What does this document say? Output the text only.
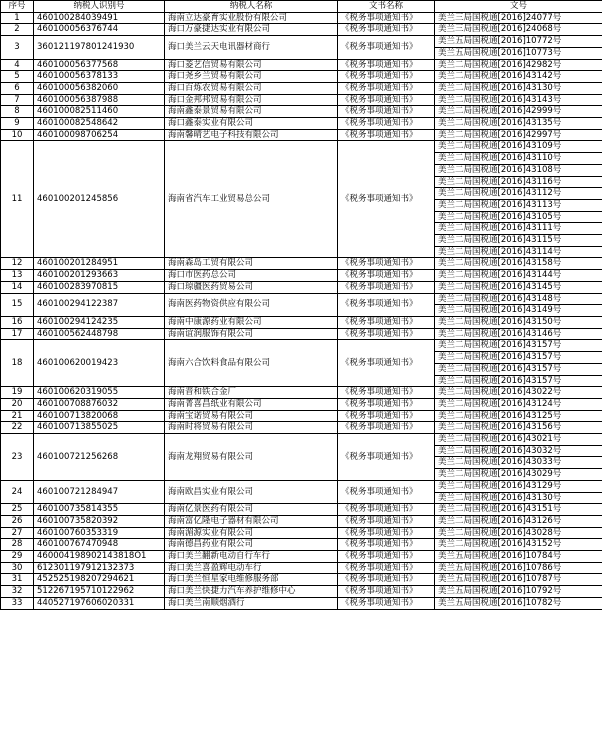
序号	纳税人识别号	纳税人名称	文书名称	文号
1	460100284039491	海南立达豪育实业股份有限公司	《税务事项通知书》	美兰三局国税通[2016]24077号
2	460100056376744	海口万豪捷达实业有限公司	《税务事项通知书》	美兰三局国税通[2016]24068号
3	360121197801241930	海口美兰云天电讯器材商行	《税务事项通知书》	美兰五局国税通[2016]10772号
				美兰五局国税通[2016]10773号
4	460100056377568	海口菱艺信贸易有限公司	《税务事项通知书》	美兰二局国税通[2016]42982号
5	460100056378133	海口尧乡兰贸易有限公司	《税务事项通知书》	美兰二局国税通[2016]43142号
6	460100056382060	海口百炼农贸易有限公司	《税务事项通知书》	美兰二局国税通[2016]43130号
7	460100056387988	海口金邦邦贸易有限公司	《税务事项通知书》	美兰二局国税通[2016]43143号
8	460100082511460	海南鑫泰景贸易有限公司	《税务事项通知书》	美兰二局国税通[2016]42999号
9	460100082548642	海口鑫泰实业有限公司	《税务事项通知书》	美兰二局国税通[2016]43135号
10	460100098706254	海南馨晴艺电子科技有限公司	《税务事项通知书》	美兰二局国税通[2016]42997号
11	460100201245856	海南省汽车工业贸易总公司	《税务事项通知书》	美兰二局国税通[2016]43109号
				美兰二局国税通[2016]43110号
				美兰二局国税通[2016]43108号
				美兰二局国税通[2016]43116号
				美兰二局国税通[2016]43112号
				美兰二局国税通[2016]43113号
				美兰二局国税通[2016]43105号
				美兰二局国税通[2016]43111号
				美兰二局国税通[2016]43115号
				美兰二局国税通[2016]43114号
12	460100201284951	海南森岛工贸有限公司	《税务事项通知书》	美兰二局国税通[2016]43158号
13	460100201293663	海口市医药总公司	《税务事项通知书》	美兰二局国税通[2016]43144号
14	460100283970815	海口琼疆医药贸易公司	《税务事项通知书》	美兰二局国税通[2016]43145号
15	460100294122387	海南医药物资供应有限公司	《税务事项通知书》	美兰二局国税通[2016]43148号
				美兰二局国税通[2016]43149号
16	460100294124235	海南中康源药业有限公司	《税务事项通知书》	美兰二局国税通[2016]43150号
17	460100562448798	海南谊润服饰有限公司	《税务事项通知书》	美兰二局国税通[2016]43146号
18	460100620019423	海南六合饮料食品有限公司	《税务事项通知书》	美兰二局国税通[2016]43157号
				美兰二局国税通[2016]43157号
				美兰二局国税通[2016]43157号
				美兰二局国税通[2016]43157号
19	460100620319055	海南晋和铁合金厂	《税务事项通知书》	美兰二局国税通[2016]43022号
20	460100708876032	海南菁喜昌纸业有限公司	《税务事项通知书》	美兰二局国税通[2016]43124号
21	460100713820068	海南宝诺贸易有限公司	《税务事项通知书》	美兰二局国税通[2016]43125号
22	460100713855025	海南时将贸易有限公司	《税务事项通知书》	美兰二局国税通[2016]43156号
23	460100721256268	海南龙翔贸易有限公司	《税务事项通知书》	美兰二局国税通[2016]43021号
				美兰二局国税通[2016]43032号
				美兰二局国税通[2016]43033号
				美兰二局国税通[2016]43029号
24	460100721284947	海南欧昌实业有限公司	《税务事项通知书》	美兰二局国税通[2016]43129号
				美兰二局国税通[2016]43130号
25	460100735814355	海南亿景医药有限公司	《税务事项通知书》	美兰二局国税通[2016]43151号
26	460100735820392	海南富亿隆电子器材有限公司	《税务事项通知书》	美兰二局国税通[2016]43126号
27	460100760353319	海南湄源实业有限公司	《税务事项通知书》	美兰二局国税通[2016]43028号
28	460100767470948	海南德昌药业有限公司	《税务事项通知书》	美兰二局国税通[2016]43152号
29	460004198902143818O1	海口美兰翻新电动自行车行	《税务事项通知书》	美兰五局国税通[2016]10784号
30	612301197912132373	海口美兰喜盈辉电动车行	《税务事项通知书》	美兰五局国税通[2016]10786号
31	452525198207294621	海口美兰恒星家电维修服务部	《税务事项通知书》	美兰五局国税通[2016]10787号
32	512267195710122962	海口美兰快捷力汽车养护维修中心	《税务事项通知书》	美兰五局国税通[2016]10792号
33	440527197606020331	海口美兰南顺烟酒行	《税务事项通知书》	美兰五局国税通[2016]10782号
